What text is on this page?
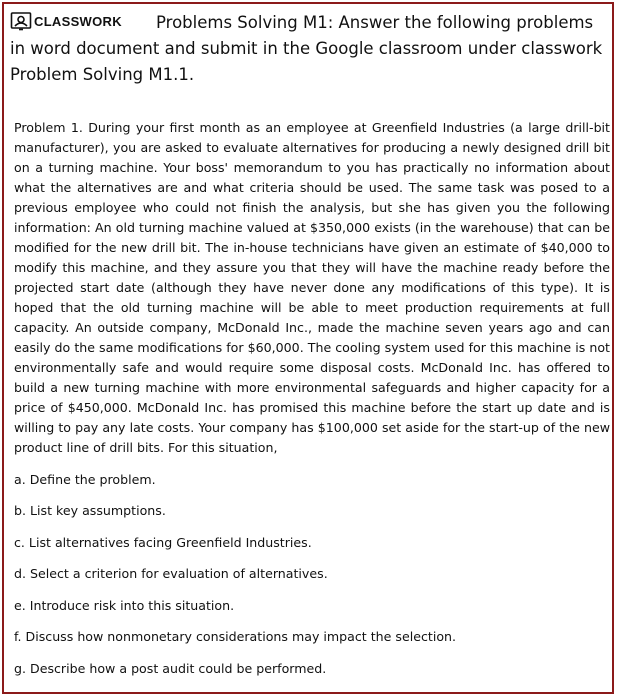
CLASSWORK	Problems Solving M1: Answer the following problems in word document and submit in the Google classroom under classwork Problem Solving M1.1.

Problem 1. During your first month as an employee at Greenfield Industries (a large drill-bit manufacturer), you are asked to evaluate alternatives for producing a newly designed drill bit on a turning machine. Your boss' memorandum to you has practically no information about what the alternatives are and what criteria should be used. The same task was posed to a previous employee who could not finish the analysis, but she has given you the following information: An old turning machine valued at $350,000 exists (in the warehouse) that can be modified for the new drill bit. The in-house technicians have given an estimate of $40,000 to modify this machine, and they assure you that they will have the machine ready before the projected start date (although they have never done any modifications of this type). It is hoped that the old turning machine will be able to meet production requirements at full capacity. An outside company, McDonald Inc., made the machine seven years ago and can easily do the same modifications for $60,000. The cooling system used for this machine is not environmentally safe and would require some disposal costs. McDonald Inc. has offered to build a new turning machine with more environmental safeguards and higher capacity for a price of $450,000. McDonald Inc. has promised this machine before the start up date and is willing to pay any late costs. Your company has $100,000 set aside for the start-up of the new product line of drill bits. For this situation,

a. Define the problem.

b. List key assumptions.

c. List alternatives facing Greenfield Industries.

d. Select a criterion for evaluation of alternatives.

e. Introduce risk into this situation.

f. Discuss how nonmonetary considerations may impact the selection.

g. Describe how a post audit could be performed.
